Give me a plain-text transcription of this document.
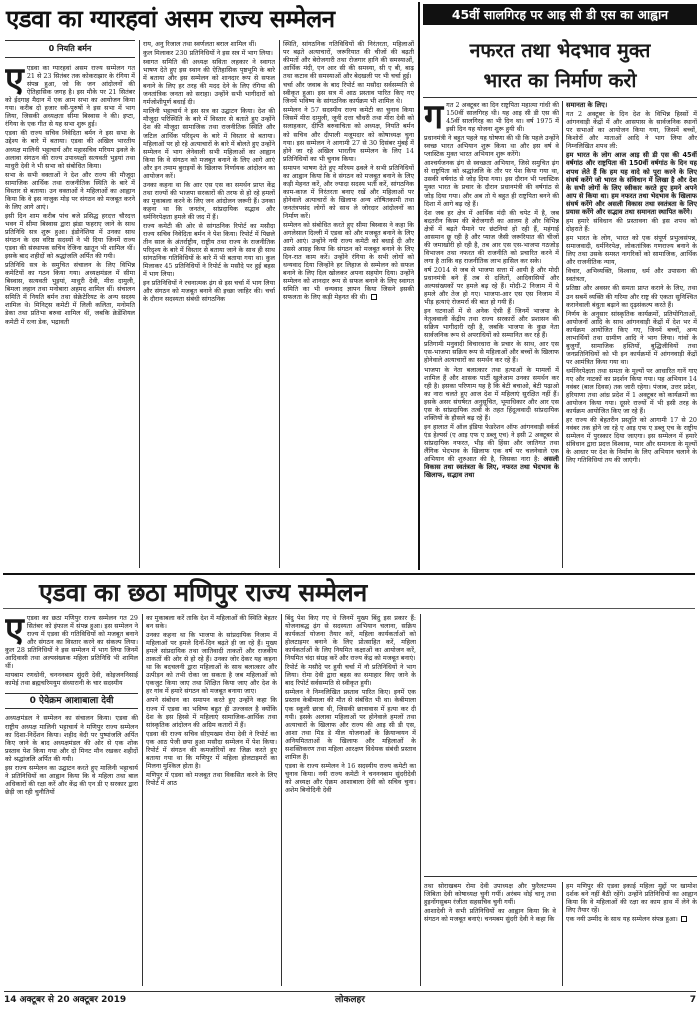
एडवा का ग्यारहवां असम राज्य सम्मेलन
0 नियति बर्मन

एएडवा का ग्यारहवां असम राज्य सम्मेलन गत 21 से 23 सितंबर तक कोकराझार के रंगिया में संपन्न हुआ, जो कि जन आंदोलनों की ऐतिहासिक जगह है। इस मौके पर 21 सितंबर को ईदगाह मैदान में एक आम सभा का आयोजन किया गया। करीब दो हजार स्त्री-पुरुषों ने इस सभा में भाग लिया, जिसकी अध्यक्षता सीमा बिस्वास ने की। इप्टा, रंगिया के एक गीत से यह सभा शुरू हुई।

एडवा की राज्य सचिव निवेदिता बर्मन ने इस सभा के उद्देश्य के बारे में बताया। एडवा की अखिल भारतीय अध्यक्ष मालिनी भट्टाचार्य और महासचिव मरियम ढ़वले के अलावा संगठन की राज्य उपाध्यक्षों सत्यवती भुइयां तथा माधुरी देवी ने भी सभा को संबोधित किया।

सभा के सभी वक्ताओं ने देश और राज्य की मौजूदा सामाजिक आर्थिक तथा राजनीतिक स्थिति के बारे में विस्तार से बताया। उन वक्ताओं ने महिलाओं का आह्वान किया कि वे इस नाजुक मोड़ पर संगठन को मजबूत करने के लिए आगे आएं।

इसी दिन शाम करीब पांच बजे प्रसिद्ध हरदत्त चौरदत्त भवन में सीमा बिस्वास द्वारा झंडा फहराए जाने के साथ प्रतिनिधि सत्र शुरू हुआ। इंडोनेशिया में उनका साथ संगठन के दस वरिष्ठ सदस्यों ने भी दिया जिनमें राज्य एडवा की संस्थापक सचिव रेजिना खातून भी शामिल थीं। इसके बाद शहीदों को श्रद्धांजलि अर्पित की गयी।

प्रतिनिधि सत्र के समुचित संचालन के लिए विभिन्न कमेटियों का गठन किया गया। अध्यक्षमंडल में सीमा बिस्वास, सत्यवती भुइयां, माधुरी देवी, मीरा दामुली, बिमला लहान तथा मनोबारा अहमद शामिल थीं। संचालन समिति में नियति बर्मन तथा सेक्रेटेरियट के अन्य सदस्य शामिल थे। मिनिट्स कमेटी में लिली कलिता, मनोमति डेका तथा प्रतिभा बरुवा शामिल थीं, जबकि क्रेडेंशियल कमेटी में रत्ना डेक, भद्रावती

राय, अनु रिजाल तथा स्वर्णलता बराल शामिल थीं।

कुल मिलाकर 230 प्रतिनिधियों ने इस सत्र में भाग लिया।

स्वागत समिति की अध्यक्ष सविता लहकार ने स्वागत भाषण देते हुए इस स्थान की ऐतिहासिक पृष्ठभूमि के बारे में बताया और इस सम्मेलन को शानदार रूप से सफल बनाने के लिए हर तरह की मदद देने के लिए रंगिया की जनतांत्रिक जनता को सराहा। उन्होंने सभी भागीदारों को गर्मजोशीपूर्ण बधाई दी।

मालिनी भट्टाचार्य ने इस सत्र का उद्घाटन किया। देश की मौजूदा परिस्थिति के बारे में विस्तार से बताते हुए उन्होंने देश की मौजूदा सामाजिक तथा राजनीतिक स्थिति और जटिल आर्थिक परिदृश्य के बारे में विस्तार से बताया। महिलाओं पर हो रहे अत्याचारों के बारे में बोलते हुए उन्होंने सम्मेलन में भाग लेनेवाली सभी महिलाओं का आह्वान किया कि वे संगठन को मजबूत बनाने के लिए आगे आएं और इन तमाम बुराइयों के खिलाफ निर्णायक आंदोलन का आयोजन करें।

उनका कहना था कि आर एस एस का समर्थन प्राप्त केंद्र तथा राज्यों की भाजपा सरकारों की तरफ से हो रहे हमलों का मुकाबला करने के लिए जन आंदोलन जरूरी हैं। उनका कहना था कि जनतंत्र, सांप्रदायिक सद्भाव और धर्मनिरपेक्षता हमले की जद में हैं।

राज्य कमेटी की ओर से सांगठनिक रिपोर्ट का मसौदा राज्य सचिव निवेदिता बर्मन ने पेश किया। रिपोर्ट में पिछले तीन साल के अंतर्राष्ट्रीय, राष्ट्रीय तथा राज्य के राजनीतिक परिदृश्य के बारे में विस्तार से बताया जाने के साथ ही साथ सांगठनिक गतिविधियों के बारे में भी बताया गया था। कुल मिलाकर 45 प्रतिनिधियों ने रिपोर्ट के मसौदे पर हुई बहस में भाग लिया।

इन प्रतिनिधियों ने रचनात्मक ढ़ंग से इस चर्चा में भाग लिया और संगठन को मजबूत बनाने की इच्छा जाहिर की। चर्चा के दौरान सदस्यता संबंधी सांगठनिक

स्थिति, सांगठनिक गतिविधियों की निरंतरता, महिलाओं पर बढ़ते अत्याचारों, जरूरियात की चीजों की बढ़ती कीमतों और बेरोजगारी तथा रोजगार हानि की समस्याओं, आर्थिक मंदी, एन आर सी की समस्या, सी ए बी, बाढ़ तथा कटाव की समस्याओं और बेदखली पर भी चर्चा हुई।

चर्चा और जवाब के बाद रिपोर्ट का मसौदा सर्वसम्मति से स्वीकृत हुआ। इस सत्र में आठ प्रस्ताव पारित किए गए जिनमें भविष्य के सांगठनिक कार्यक्रम भी शामिल थे।

सम्मेलन ने 57 सदस्यीय राज्य कमेटी का चुनाव किया जिसमें मीरा दामुली, जूनी दत्ता चौधरी तथा मीरा देवी को सलाहकार, दीप्ति बरुवाचिता को अध्यक्ष, नियति बर्मन को सचिव और दीपाली मजूमदार को कोषाध्यक्ष चुना गया। इस सम्मेलन ने आगामी 27 से 30 दिसंबर मुंबई में होने जा रहे अखिल भारतीय सम्मेलन के लिए 14 प्रतिनिधियों का भी चुनाव किया।

समापन भाषण देते हुए मरियम ढ़वले ने सभी प्रतिनिधियों का आह्वान किया कि वे संगठन को मजबूत बनाने के लिए कड़ी मेहनत करें, और ज्यादा सदस्य भर्ती करें, सांगठनिक काम-काज में निरंतरता बनाए रखें और महिलाओं पर होनेवाले अत्याचारों के खिलाफ अन्य शोषितकामी तथा जनतंत्रपसंद लोगों को साथ ले जोरदार आंदोलनों का निर्माण करें।

सम्मेलन को संबोधित करते हुए सीमा बिस्वास ने कहा कि अगलेसाल दिल्ली में एडवा को और मजबूत बनाने के लिए आगे आएं। उन्होंने नयी राज्य कमेटी को बधाई दी और उससे आग्रह किया कि संगठन को मजबूत बनाने के लिए दिन-रात काम करें। उन्होंने रंगिया के सभी लोगों को धन्यवाद दिया जिन्होंने हर लिहाज से सम्मेलन को सफल बनाने के लिए दिल खोलकर अपना सहयोग दिया। उन्होंने सम्मेलन को शानदार रूप से सफल बनाने के लिए स्वागत समिति का भी धन्यवाद ज्ञापन किया जिसने इसकी सफलता के लिए कड़ी मेहनत की थी।

45वीं सालगिरह पर आइ सी डी एस का आह्वान
नफरत तथा भेदभाव मुक्त
भारत का निर्माण करो

गगत 2 अक्टूबर का दिन राष्ट्रपिता महात्मा गांधी की 150वीं सालगिरह थी। यह आइ सी डी एस की 45वीं सालगिरह का भी दिन था। वर्ष 1975 में इसी दिन यह योजना शुरू हुयी थी।

प्रधानमंत्री ने बहुत पहले यह घोषणा की थी कि पहले उन्होंने स्वच्छ भारत अभियान शुरू किया था और इस वर्ष वे प्लास्टिक मुक्त भारत अभियान शुरू करेंगे।

आश्चर्यजनक ढ़ंग से स्वच्छता अभियान, जिसे समुचित ढ़ंग से राष्ट्रपिता को श्रद्धांजलि के तौर पर पेश किया गया था, उसकी वर्षगांठ से जोड़ दिया गया। इस दौरान भी प्लास्टिक मुक्त भारत के प्रचार के दौरान प्रधानमंत्री की वर्षगांठ से जोड़ दिया गया। और अब तो ये बहुत ही राष्ट्रपिता बनने की दिशा में आगे बढ़ रहे हैं।

देश जब हर क्षेत्र में आर्थिक मंदी की चपेट में है, जब बदतरीन किस्म की बेरोजगारी का आलम है और विभिन्न क्षेत्रों में बढ़ते पैमाने पर छंटनियां हो रही हैं, महंगाई आसमान छू रही है और प्याज जैसी जरूरियात की चीजों की जमाखोरी हो रही है, तब आर एस एस-भाजपा गठजोड़ विभाजन तथा नफरत की राजनीति को प्रचारित करने में लगा है ताकि वह राजनीतिक लाभ हासिल कर सके।

वर्ष 2014 से जब से भाजपा सत्ता में आयी है और मोदी प्रधानमंत्री बने हैं तब से दलितों, आदिवासियों और अल्पसंख्यकों पर हमले बढ़ रहे हैं। मोदी-2 निजाम में ये हमले और तेज हो गए। भाजपा-आर एस एस निजाम में भीड़ हत्याएं रोजमर्रा की बात हो गयी हैं।

इन घटनाओं में से अनेक ऐसी हैं जिनमें भाजपा के नेतृत्ववाली केंद्रीय तथा राज्य सरकारों और प्रशासन की सक्रिय भागीदारी रही है, जबकि भाजपा के कुछ नेता सार्वजनिक रूप से अपराधियों को सम्मानित कर रहे हैं।

प्रतिगामी मनुवादी विचारधारा के प्रचार के साथ, आर एस एस-भाजपा सक्रिय रूप से महिलाओं और बच्चों के खिलाफ होनेवाले अत्याचारों का समर्थन कर रहे हैं।

भाजपा के नेता बलात्कार तथा हत्याओं के मामलों में शामिल हैं और शासक पार्टी खुलेआम उनका समर्थन कर रही है। इसका परिणाम यह है कि बेटी बचाओ, बेटी पढ़ाओ का नारा चलते हुए आज देश में महिलाएं सुरक्षित नहीं हैं। इसके असर संघर्षरत अनुसूचित, भूमाधिकार और आर एस एस के सांप्रदायिक तत्वों के तहत हिंदूत्ववादी सांप्रदायिक शक्तियों के हौसले बढ़ रहे हैं।

इन हालात में ऑल इंडिया फेडरेशन ऑफ आंगनवाड़ी वर्कर्स एंड हेल्पर्स (ए आइ एफ ए डब्लू एच) ने इसी 2 अक्टूबर से सांप्रदायिक नफरत, भीड़ की हिंसा और जातिगत तथा लैंगिक भेदभाव के खिलाफ एक वर्ष पर चलनेवाले एक अभियान की शुरुआत की है, जिसका नारा है: असली विकास तथा स्वतंत्रता के लिए, नफरत तथा भेदभाव के खिलाफ, सद्भाव तथा

समानता के लिए।

गत 2 अक्टूबर के दिन देश के विभिन्न हिस्सों में आंगनवाड़ी केंद्रों में और आसपास के सार्वजनिक स्थानों पर सभाओं का आयोजन किया गया, जिसमें बच्चों, किशोरों और माताओं आदि ने भाग लिया और निम्नलिखित शपथ ली:

हम भारत के लोग आज आइ सी डी एस की 45वीं वर्षगांठ और राष्ट्रपिता की 150वीं वर्षगांठ के दिन यह शपथ लेते हैं कि हम यह वादे को पूरा करने के लिए संघर्ष करेंगे जो भारत के संविधान में लिखा है और देश के सभी लोगों के लिए स्वीकार करते हुए हमने अपने आप से किया था। हम नफरत तथा भेदभाव के खिलाफ संघर्ष करेंगे और असली विकास तथा स्वतंत्रता के लिए प्रयास करेंगे और सद्भाव तथा समानता स्थापित करेंगे।

हम हमारे संविधान की प्रस्तावना की इस शपथ को दोहराते हैं:

हम भारत के लोग, भारत को एक संपूर्ण प्रभुत्वसंपन्न, समाजवादी, धर्मनिरपेक्ष, लोकतांत्रिक गणराज्य बनाने के लिए तथा उसके समस्त नागरिकों को सामाजिक, आर्थिक और राजनीतिक न्याय,

विचार, अभिव्यक्ति, विश्वास, धर्म और उपासना की स्वतंत्रता,

प्रतिष्ठा और अवसर की समता प्राप्त कराने के लिए, तथा उन सबमें व्यक्ति की गरिमा और राष्ट्र की एकता सुनिश्चित करानेवाली बंधुता बढ़ाने का दृढ़संकल्प करते हैं।

निर्णय के अनुसार सांस्कृतिक कार्यक्रमों, प्रतियोगिताओं, आयोजनों आदि के साथ आंगनवाड़ी केंद्रों में देश भर में कार्यक्रम आयोजित किए गए, जिनमें बच्चों, अन्य लाभार्थियों तथा ग्रामीण आदि ने भाग लिया। गांवों के बुजुर्गों, सामाजिक हस्तियों, बुद्धिजीवियों तथा जनप्रतिनिधियों को भी इन कार्यक्रमों में आंगनवाड़ी केंद्रों पर आमंत्रित किया गया था।

धर्मनिरपेक्षता तथा समता के मूल्यों पर आधारित गानें गाए गए और नाटकों का प्रदर्शन किया गया। यह अभियान 14 नवंबर (बाल दिवस) तक जारी रहेगा। पंजाब, उत्तर प्रदेश, हरियाणा तथा आंध्र प्रदेश में 1 अक्टूबर को कार्यक्रमों का आयोजन किया गया। दूसरे राज्यों में भी इसी तरह के कार्यक्रम आयोजित किए जा रहे हैं।

हर राज्य की बेहतरीन प्रस्तुति को आगामी 17 से 20 नवंबर तक होने जा रहे ए आइ एफ ए डब्लू एच के राष्ट्रीय सम्मेलन में पुरस्कार दिया जाएगा। इस सम्मेलन में हमारे संविधान द्वारा प्रदत्त विश्वास, प्यार और समानता के मूल्यों के आधार पर देश के निर्माण के लिए अभियान चलाने के लिए गतिविधियां तय की जाएंगी।

एडवा का छठा मणिपुर राज्य सम्मेलन

एएडवा का छठा मणिपुर राज्य सम्मेलन गत 29 सितंबर को इंफाल में संपन्न हुआ। इस सम्मेलन ने राज्य में एडवा की गतिविधियों को मजबूत बनाने और संगठन का विस्तार करने का संकल्प लिया। कुल 28 प्रतिनिधियों ने इस सम्मेलन में भाग लिया जिनमें आदिवासी तथा अल्पसंख्यक महिला प्रतिनिधि भी शामिल थीं।

मायबाम रणधोनी, चनननबाम सुंदरी देवी, कोइजननिसाई कामेई तथा ब्रह्मचरिमयुम संध्यारानी के चार सदस्यीय

0 ऐयेक्रम आशाबाला देवी

अध्यक्षमंडल ने सम्मेलन का संचालन किया। एडवा की राष्ट्रीय अध्यक्ष मालिनी भट्टाचार्य ने मणिपुर राज्य सम्मेलन का दिशा-निर्देशन किया। शहीद वेदी पर पुष्पांजलि अर्पित किए जाने के बाद अध्यक्षमंडल की ओर से एक शोक प्रस्ताव पेश किया गया और दो मिनट मौन रखकर शहीदों को श्रद्धांजलि अर्पित की गयी।

इस राज्य सम्मेलन का उद्घाटन करते हुए मालिनी भट्टाचार्य ने प्रतिनिधियों का आह्वान किया कि वे महिला तथा बाल अधिकारों की रक्षा करें और केंद्र की एन डी ए सरकार द्वारा छेड़ी जा रही चुनौतियों

का मुकाबला करें ताकि देश में महिलाओं की स्थिति बेहतर बन सके।

उनका कहना था कि भाजपा के सांप्रदायिक निजाम में महिलाओं पर हमले दिनों-दिन बढ़ते ही जा रहे हैं। मुख्य हमले सांप्रदायिक तथा जातिवादी ताकतों और राजकीय ताकतों की ओर से हो रहे हैं। उनका जोर देकर यह कहना था कि बदचलनी द्वारा महिलाओं के साथ बलात्कार और उत्पीड़न को तभी रोका जा सकता है जब महिलाओं को एकजुट किया जाए तथा शिक्षित किया जाए और देश के हर गांव में हमारे संगठन को मजबूत बनाया जाए।

अपने संबोधन का समापन करते हुए उन्होंने कहा कि राज्य में एडवा का भविष्य बहुत ही उज्जवल है क्योंकि देश के इस हिस्से में महिलाएं सामाजिक-आर्थिक तथा सांस्कृतिक आंदोलन की अग्रिम कतारों में हैं।

एडवा की राज्य सचिव सीए़मखम रोमा देवी ने रिपोर्ट का एक आठ पेजी छपा हुआ मसौदा सम्मेलन में पेश किया। रिपोर्ट में संगठन की कमजोरियों का जिक्र करते हुए बताया गया था कि मणिपुर में महिला होलटाइमरों का मिलना मुश्किल होता है।

मणिपुर में एडवा को मजबूत तथा विकसित करने के लिए रिपोर्ट में आठ

बिंदु पेश किए गए थे जिनमें मुख्य बिंदु इस प्रकार हैं: योजनाबद्ध ढ़ंग से सदस्यता अभियान चलाना, सक्रिय कार्यकर्ता योजना तैयार करें, महिला कार्यकर्ताओं को होलटाइमर बनाने के लिए प्रोत्साहित करें, महिला कार्यकर्ताओं के लिए नियमित कक्षाओं का आयोजन करें, नियमित चंदा संग्रह करें और राज्य केंद्र को मजबूत बनाएं।

रिपोर्ट के मसौदे पर हुयी चर्चा में नौ प्रतिनिधियों ने भाग लिया। रोमा देवी द्वारा बहस का समाहार किए जाने के बाद रिपोर्ट सर्वसम्मति से स्वीकृत हुयी।

सम्मेलन ने निम्नलिखित प्रस्ताव पारित किए। इनमें एक प्रस्ताव केबीमाला की मौत से संबंधित भी था। केबीमाला एक स्कूली छात्रा थी, जिसकी छात्रावास में हत्या कर दी गयी। इसके अलावा महिलाओं पर होनेवाले हमलों तथा अत्याचारों के खिलाफ और राज्य की आइ सी डी एस, आशा तथा मिड डे मील योजनाओं के क्रियान्वयन में अनियमितताओं के खिलाफ और महिलाओं के सशक्तिकरण तथा महिला आरक्षण विधेयक संबंधी प्रस्ताव शामिल हैं।

एडवा के राज्य सम्मेलन ने 16 सदस्यीय राज्य कमेटी का चुनाव किया। नयी राज्य कमेटी ने चनननबाम सुंदरीदेवी को अध्यक्ष और ऐक्रम आशाबाला देवी को सचिव चुना। अशेम बिनोदिनी देवी

तथा सोराखबम रोमा देवी उपाध्यक्ष और फुरैलटप्पम जिबिता देवी कोषाध्यक्ष चुनी गयीं। अरंबम थोई चानू तथा हुइनोंगसुबम रंजीता सहसचिव चुनी गयीं।

आशादेवी ने सभी प्रतिनिधियों का आह्वान किया कि वे संगठन को मजबूत बनाएं। चनमबम सुंदरी देवी ने कहा कि

हम मणिपुर की एडवा इकाई महिला मुद्दों पर खामोश दर्शक बने नहीं बैठी रहेंगे। उन्होंने प्रतिनिधियों का आह्वान किया कि वे महिलाओं की रक्षा का काम हाथ में लेने के लिए तैयार रहें।

एक नयी उम्मीद के साथ यह सम्मेलन संपन्न हुआ।

14 अक्टूबर से 20 अक्टूबर 2019	लोकलहर	7
